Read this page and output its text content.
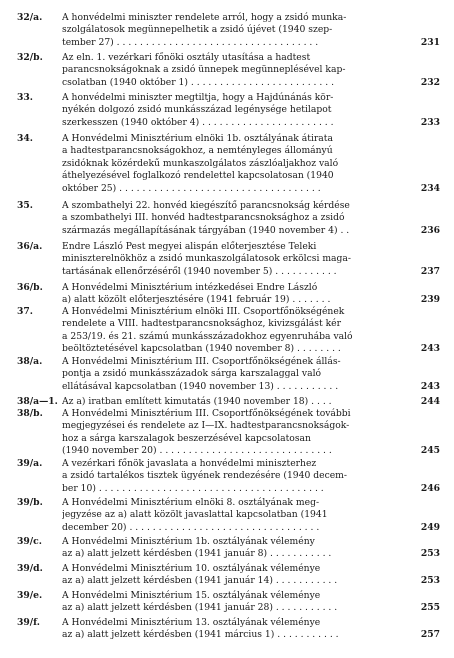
32/a. A honvédelmi miniszter rendelete arról, hogy a zsidó munka-
szolgálatosok megünnepelhetik a zsidó újévet (1940 szep-
tember 27) . . . . . . . . . . . . . . . . . . . . . . . . . . . . . . . . . . .	231
32/b. Az eln. 1. vezérkari főnöki osztály utasítása a hadtest
parancsnokságoknak a zsidó ünnepek megünneplésével kap-
csolatban (1940 október 1) . . . . . . . . . . . . . . . . . . . . . . . . .	232
33.	A honvédelmi miniszter megtiltja, hogy a Hajdúnánás kör-
nyékén dolgozó zsidó munkásszázad legénysége hetilapot
szerkesszen (1940 október 4) . . . . . . . . . . . . . . . . . . . . . . .	233
34.	A Honvédelmi Minisztérium elnöki 1b. osztályának átirata
a hadtestparancsnokságokhoz, a nemtényleges állományú
zsidóknak közérdekű munkaszolgálatos zászlóaljakhoz való
áthelyezésével foglalkozó rendelettel kapcsolatosan (1940
október 25) . . . . . . . . . . . . . . . . . . . . . . . . . . . . . . . . . . .	234
35.	A szombathelyi 22. honvéd kiegészítő parancsnokság kérdése
a szombathelyi III. honvéd hadtestparancsnoksághoz a zsidó
származás megállapításának tárgyában (1940 november 4) . .	236
36/a. Endre László Pest megyei alispán előterjesztése Teleki
miniszterelnökhöz a zsidó munkaszolgálatosok erkölcsi maga-
tartásának ellenőrzéséről (1940 november 5) . . . . . . . . . . .	237
36/b. A Honvédelmi Minisztérium intézkedései Endre László
a) alatt közölt előterjesztésére (1941 február 19) . . . . . . .	239
37.	A Honvédelmi Minisztérium elnöki III. Csoportfőnökségének
rendelete a VIII. hadtestparancsnoksághoz, kivizsgálást kér
a 253/19. és 21. számú munkásszázadokhoz egyenruhába való
beöltöztetésével kapcsolatban (1940 november 8) . . . . . . . .	243
38/a. A Honvédelmi Minisztérium III. Csoportfőnökségének állás-
pontja a zsidó munkásszázadok sárga karszalaggal való
ellátásával kapcsolatban (1940 november 13) . . . . . . . . . . .	243
38/a—1. Az a) iratban említett kimutatás (1940 november 18) . . . .	244
38/b. A Honvédelmi Minisztérium III. Csoportfőnökségének további
megjegyzései és rendelete az I—IX. hadtestparancsnokságok-
hoz a sárga karszalagok beszerzésével kapcsolatosan
(1940 november 20) . . . . . . . . . . . . . . . . . . . . . . . . . . . . . .	245
39/a. A vezérkari főnök javaslata a honvédelmi miniszterhez
a zsidó tartalékos tisztek ügyének rendezésére (1940 decem-
ber 10) . . . . . . . . . . . . . . . . . . . . . . . . . . . . . . . . . . . . . . .	246
39/b. A Honvédelmi Minisztérium elnöki 8. osztályának meg-
jegyzése az a) alatt közölt javaslattal kapcsolatban (1941
december 20) . . . . . . . . . . . . . . . . . . . . . . . . . . . . . . . . .	249
39/c. A Honvédelmi Minisztérium 1b. osztályának vélemény
az a) alatt jelzett kérdésben (1941 január 8) . . . . . . . . . . .	253
39/d. A Honvédelmi Minisztérium 10. osztályának véleménye
az a) alatt jelzett kérdésben (1941 január 14) . . . . . . . . . . .	253
39/e. A Honvédelmi Minisztérium 15. osztályának véleménye
az a) alatt jelzett kérdésben (1941 január 28) . . . . . . . . . . .	255
39/f. A Honvédelmi Minisztérium 13. osztályának véleménye
az a) alatt jelzett kérdésben (1941 március 1) . . . . . . . . . . .	257
